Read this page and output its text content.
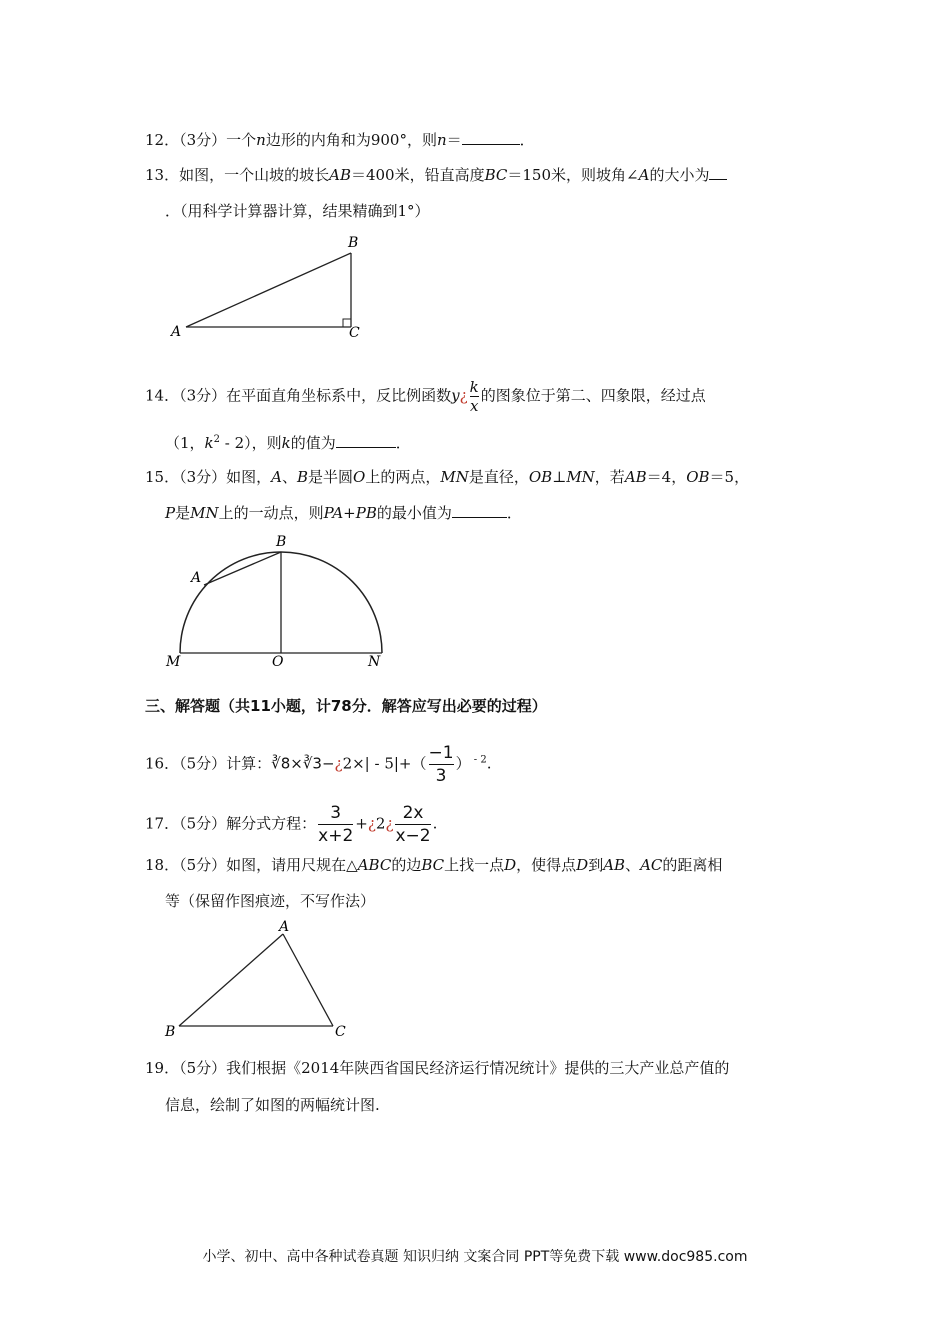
12．（3分）一个n边形的内角和为900°，则n＝	．
13．如图，一个山坡的坡长AB＝400米，铅直高度BC＝150米，则坡角∠A的大小为
．（用科学计算器计算，结果精确到1°）
B
A	C
14．（3分）在平面直角坐标系中，反比例函数y¿ $\frac{k}{x}$ 的图象位于第二、四象限，经过点
（1，$k^2$ ‐ 2），则k的值为	．
15．（3分）如图，A、B是半圆O上的两点，MN是直径，OB⊥MN，若AB＝4，OB＝5，
P是MN上的一动点，则PA+PB的最小值为	．
B
A
M	O	N
三、解答题（共11小题，计78分．解答应写出必要的过程）
16．（5分）计算：∛8×∛3−¿2×| ‐ $5|+( \frac{-1}{3}$ ） $^{‐ 2}$.
17．（5分）解分式方程： $\frac{3}{x+2}$ +¿2¿ $\frac{2x}{x-2}$ .
18．（5分）如图，请用尺规在△ABC的边BC上找一点D，使得点D到AB、AC的距离相
等（保留作图痕迹，不写作法）
A
B	C
19．（5分）我们根据《2014年陕西省国民经济运行情况统计》提供的三大产业总产值的
信息，绘制了如图的两幅统计图.
小学、初中、高中各种试卷真题 知识归纳 文案合同 PPT等免费下载 www.doc985.com
